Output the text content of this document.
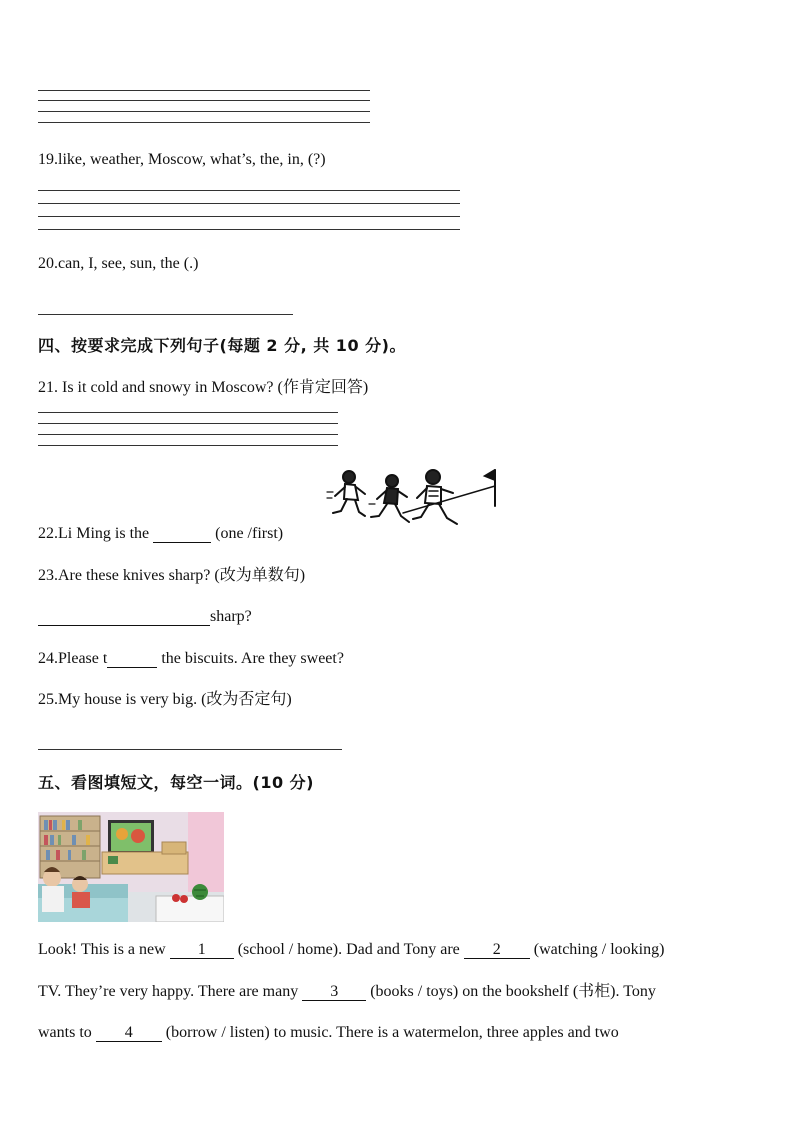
19.like, weather, Moscow, what’s, the, in, (?)
20.can, I, see, sun, the (.)
四、按要求完成下列句子(每题 2 分, 共 10 分)。
21. Is it cold and snowy in Moscow? (作肯定回答)
22.Li Ming is the	(one /first)
23.Are these knives sharp? (改为单数句)
sharp?
24.Please t	the biscuits. Are they sweet?
25.My house is very big. (改为否定句)
五、看图填短文，每空一词。(10 分)
Look! This is a new 1 (school / home). Dad and Tony are 2 (watching / looking)
TV. They’re very happy. There are many 3 (books / toys) on the bookshelf (书柜). Tony
wants to 4 (borrow / listen) to music. There is a watermelon, three apples and two
